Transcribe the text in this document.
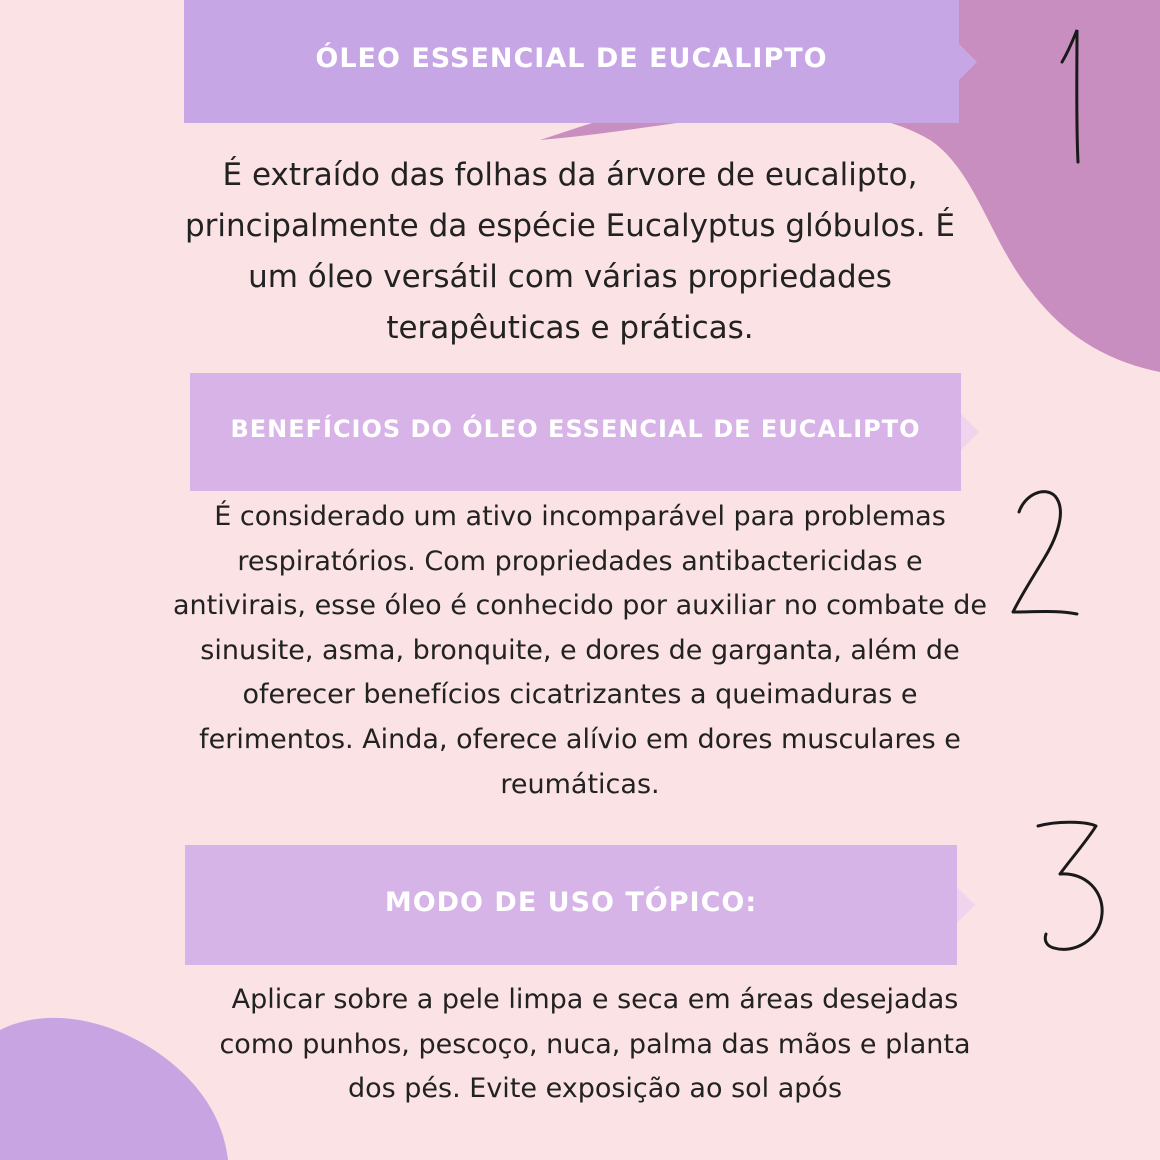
ÓLEO ESSENCIAL DE EUCALIPTO
É extraído das folhas da árvore de eucalipto, principalmente da espécie Eucalyptus glóbulos. É um óleo versátil com várias propriedades terapêuticas e práticas.
BENEFÍCIOS DO ÓLEO ESSENCIAL DE EUCALIPTO
É considerado um ativo incomparável para problemas respiratórios. Com propriedades antibactericidas e antivirais, esse óleo é conhecido por auxiliar no combate de sinusite, asma, bronquite, e dores de garganta, além de oferecer benefícios cicatrizantes a queimaduras e ferimentos. Ainda, oferece alívio em dores musculares e reumáticas.
MODO DE USO TÓPICO:
Aplicar sobre a pele limpa e seca em áreas desejadas como punhos, pescoço, nuca, palma das mãos e planta dos pés. Evite exposição ao sol após
